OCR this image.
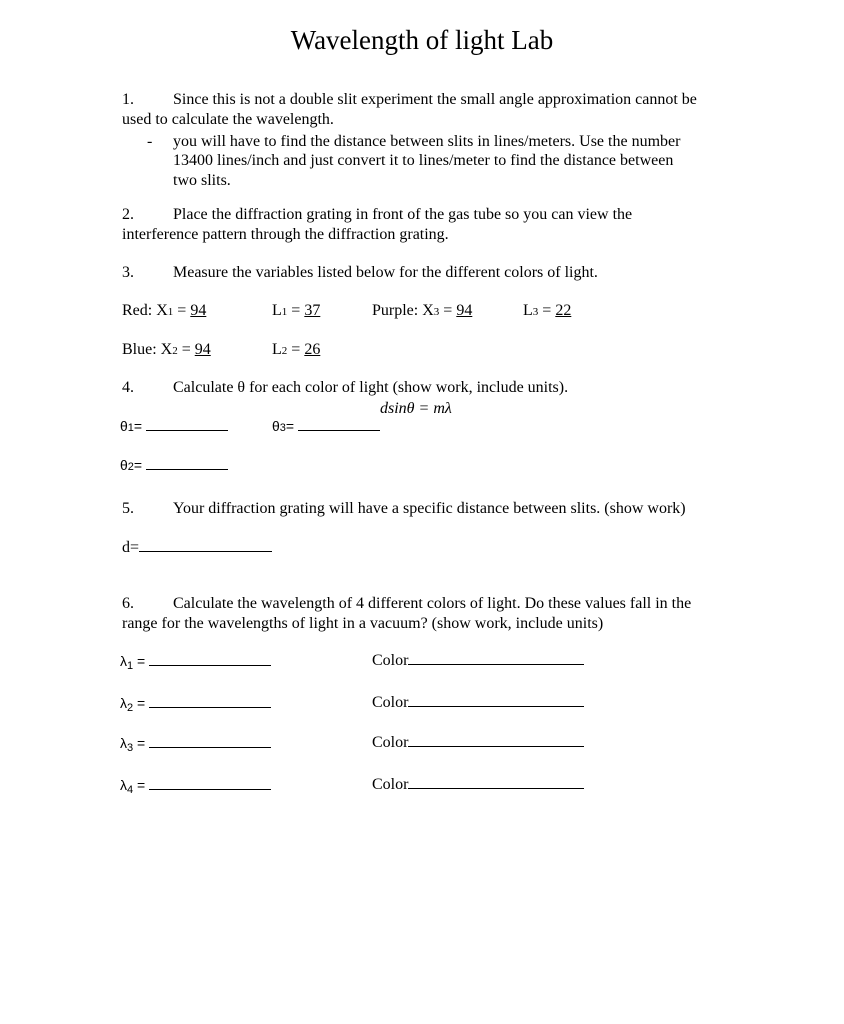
Wavelength of light Lab
1. Since this is not a double slit experiment the small angle approximation cannot be
used to calculate the wavelength.
- you will have to find the distance between slits in lines/meters. Use the number
13400 lines/inch and just convert it to lines/meter to find the distance between
two slits.
2. Place the diffraction grating in front of the gas tube so you can view the
interference pattern through the diffraction grating.
3. Measure the variables listed below for the different colors of light.
Red: X1 = 94	L1 = 37	Purple: X3 = 94	L3 = 22
Blue: X2 = 94	L2 = 26
4. Calculate θ for each color of light (show work, include units).
dsinθ = mλ
θ1=	θ3=
θ2=
5. Your diffraction grating will have a specific distance between slits. (show work)
d=
6. Calculate the wavelength of 4 different colors of light. Do these values fall in the
range for the wavelengths of light in a vacuum? (show work, include units)
$\lambda_1$ =	Color
$\lambda_2$ =	Color
$\lambda_3$ =	Color
$\lambda_4$ =	Color
